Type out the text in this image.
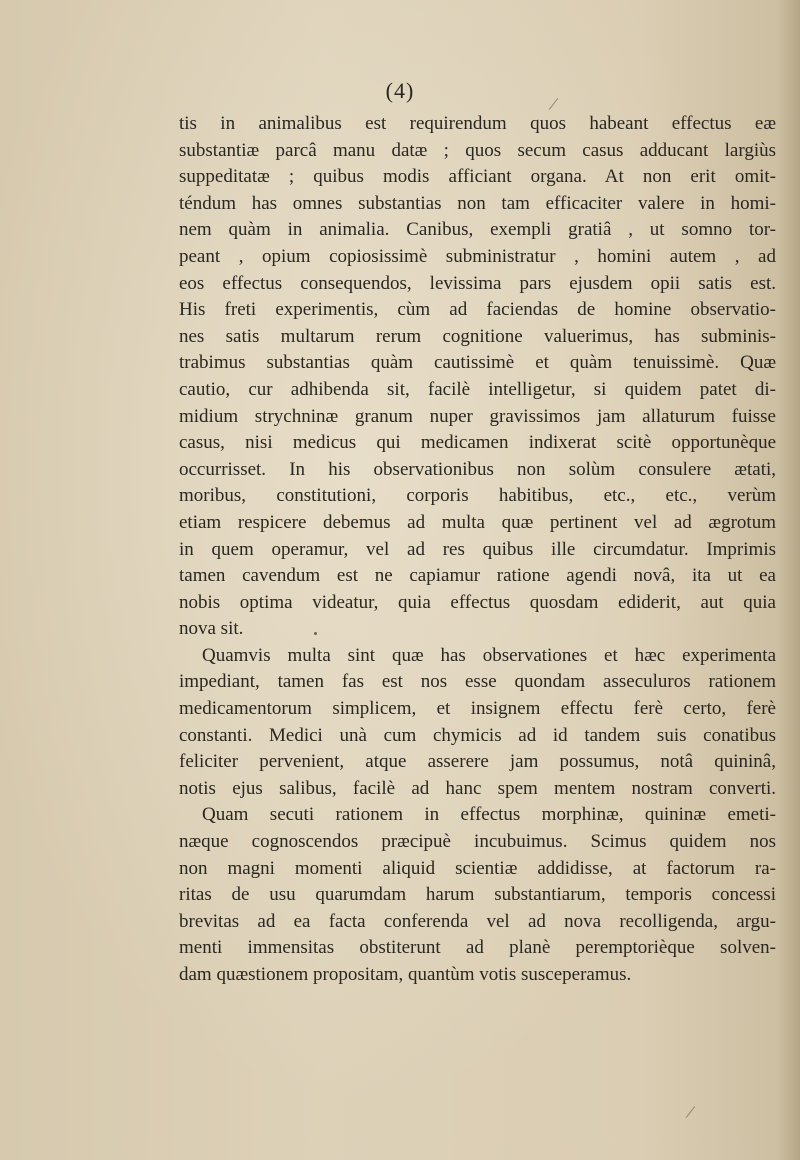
(4)
tis in animalibus est requirendum quos habeant effectus eæ
substantiæ parcâ manu datæ ; quos secum casus adducant largiùs
suppeditatæ ; quibus modis afficiant organa. At non erit omit-
téndum has omnes substantias non tam efficaciter valere in homi-
nem quàm in animalia. Canibus, exempli gratiâ , ut somno tor-
peant , opium copiosissimè subministratur , homini autem , ad
eos effectus consequendos, levissima pars ejusdem opii satis est.
His freti experimentis, cùm ad faciendas de homine observatio-
nes satis multarum rerum cognitione valuerimus, has subminis-
trabimus substantias quàm cautissimè et quàm tenuissimè. Quæ
cautio, cur adhibenda sit, facilè intelligetur, si quidem patet di-
midium strychninæ granum nuper gravissimos jam allaturum fuisse
casus, nisi medicus qui medicamen indixerat scitè opportunèque
occurrisset. In his observationibus non solùm consulere ætati,
moribus, constitutioni, corporis habitibus, etc., etc., verùm
etiam respicere debemus ad multa quæ pertinent vel ad ægrotum
in quem operamur, vel ad res quibus ille circumdatur. Imprimis
tamen cavendum est ne capiamur ratione agendi novâ, ita ut ea
nobis optima videatur, quia effectus quosdam ediderit, aut quia
nova sit.
Quamvis multa sint quæ has observationes et hæc experimenta
impediant, tamen fas est nos esse quondam asseculuros rationem
medicamentorum simplicem, et insignem effectu ferè certo, ferè
constanti. Medici unà cum chymicis ad id tandem suis conatibus
feliciter pervenient, atque asserere jam possumus, notâ quininâ,
notis ejus salibus, facilè ad hanc spem mentem nostram converti.
Quam secuti rationem in effectus morphinæ, quininæ emeti-
næque cognoscendos præcipuè incubuimus. Scimus quidem nos
non magni momenti aliquid scientiæ addidisse, at factorum ra-
ritas de usu quarumdam harum substantiarum, temporis concessi
brevitas ad ea facta conferenda vel ad nova recolligenda, argu-
menti immensitas obstiterunt ad planè peremptorièque solven-
dam quæstionem propositam, quantùm votis susceperamus.
